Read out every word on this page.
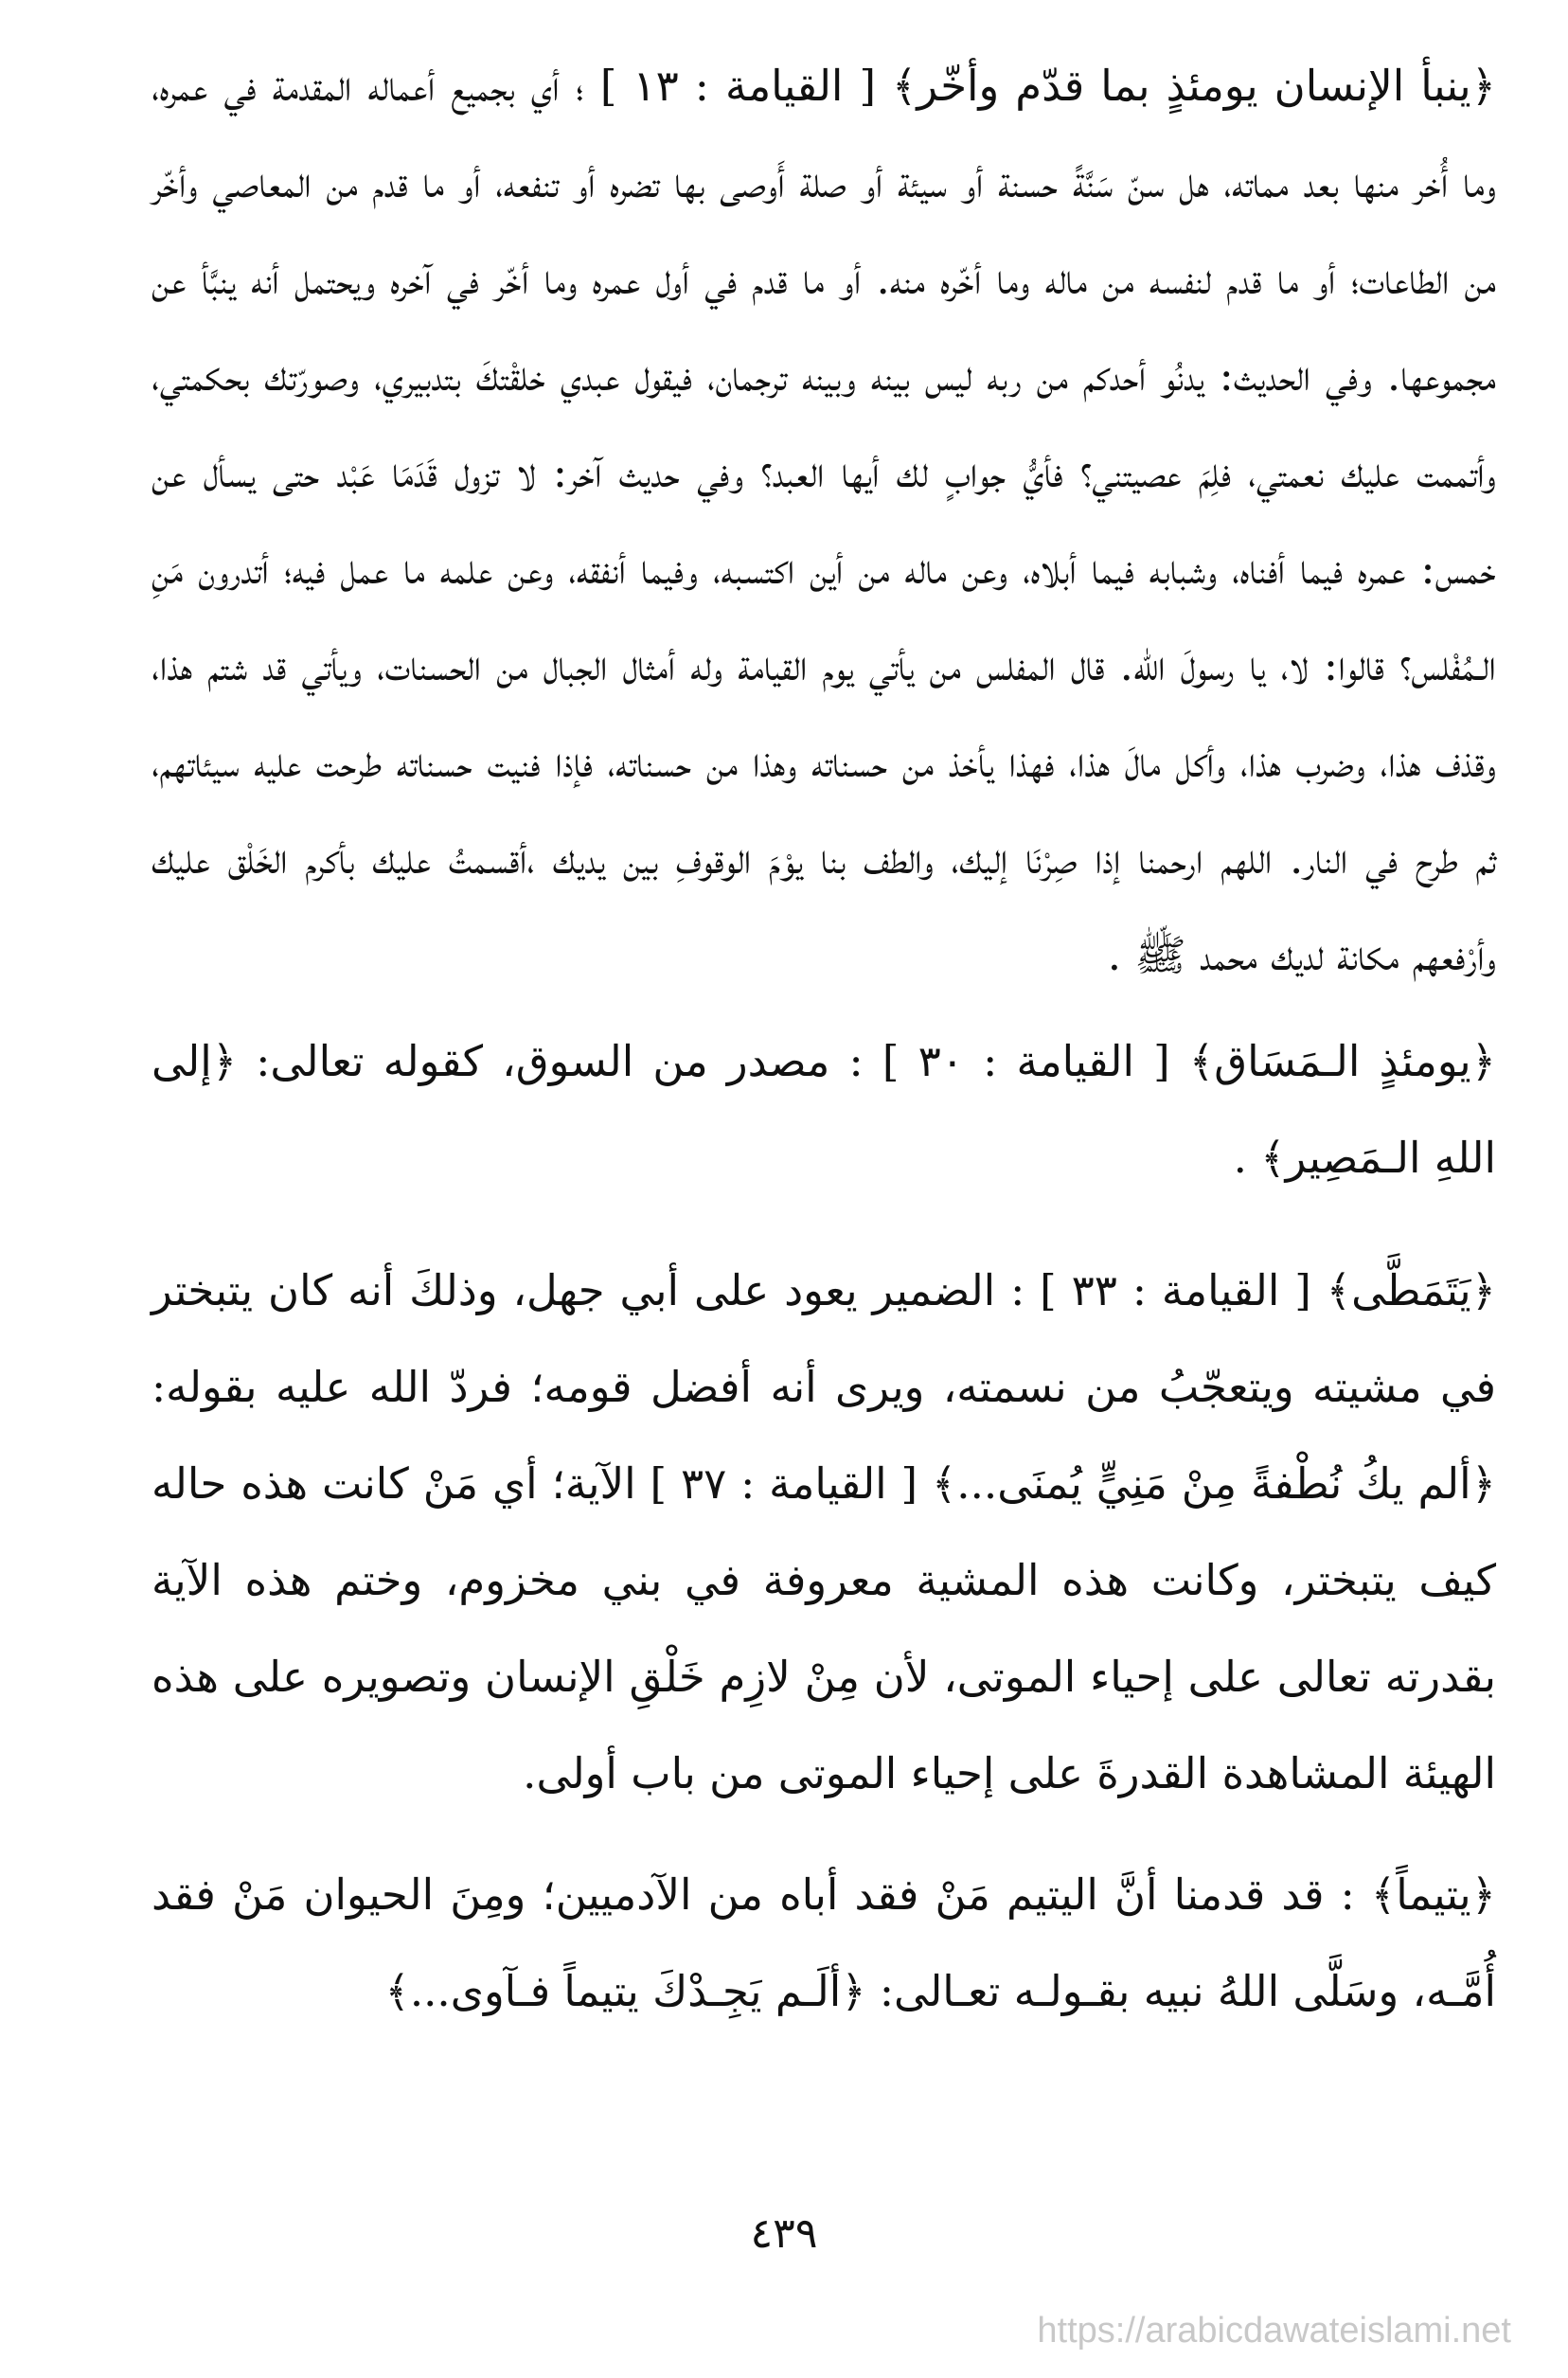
﴿ينبأ الإنسان يومئذٍ بما قدّم وأخّر﴾ [ القيامة : ١٣ ] ؛ أي بجميع أعماله المقدمة في عمره، وما أُخر منها بعد مماته، هل سنّ سَنَّةً حسنة أو سيئة أو صلة أَوصى بها تضره أو تنفعه، أو ما قدم من المعاصي وأخّر من الطاعات؛ أو ما قدم لنفسه من ماله وما أخّره منه. أو ما قدم في أول عمره وما أخّر في آخره ويحتمل أنه ينبَّأ عن مجموعها. وفي الحديث: يدنُو أحدكم من ربه ليس بينه وبينه ترجمان، فيقول عبدي خلقْتكَ بتدبيري، وصورّتك بحكمتي، وأتممت عليك نعمتي، فلِمَ عصيتني؟ فأيُّ جوابٍ لك أيها العبد؟ وفي حديث آخر: لا تزول قَدَمَا عَبْد حتى يسأل عن خمس: عمره فيما أفناه، وشبابه فيما أبلاه، وعن ماله من أين اكتسبه، وفيما أنفقه، وعن علمه ما عمل فيه؛ أتدرون مَنِ الـمُفْلس؟ قالوا: لا، يا رسولَ الله. قال المفلس من يأتي يوم القيامة وله أمثال الجبال من الحسنات، ويأتي قد شتم هذا، وقذف هذا، وضرب هذا، وأكل مالَ هذا، فهذا يأخذ من حسناته وهذا من حسناته، فإذا فنيت حسناته طرحت عليه سيئاتهم، ثم طرح في النار. اللهم ارحمنا إذا صِرْنَا إليك، والطف بنا يوْمَ الوقوفِ بين يديك ،أقسمتُ عليك بأكرم الخَلْق عليك وأرْفعهم مكانة لديك محمد ﷺ .

﴿يومئذٍ الـمَسَاق﴾ [ القيامة : ٣٠ ] : مصدر من السوق، كقوله تعالى: ﴿إلى اللهِ الـمَصِير﴾ .

﴿يَتَمَطَّى﴾ [ القيامة : ٣٣ ] : الضمير يعود على أبي جهل، وذلكَ أنه كان يتبختر في مشيته ويتعجّبُ من نسمته، ويرى أنه أفضل قومه؛ فردّ الله عليه بقوله: ﴿ألم يكُ نُطْفةً مِنْ مَنِيٍّ يُمنَى...﴾ [ القيامة : ٣٧ ] الآية؛ أي مَنْ كانت هذه حاله كيف يتبختر، وكانت هذه المشية معروفة في بني مخزوم، وختم هذه الآية بقدرته تعالى على إحياء الموتى، لأن مِنْ لازِم خَلْقِ الإنسان وتصويره على هذه الهيئة المشاهدة القدرةَ على إحياء الموتى من باب أولى.

﴿يتيماً﴾ : قد قدمنا أنَّ اليتيم مَنْ فقد أباه من الآدميين؛ ومِنَ الحيوان مَنْ فقد أُمَّـه، وسَلَّى اللهُ نبيه بقـولـه تعـالى: ﴿ألَـم يَجِـدْكَ يتيماً فـآوى...﴾

٤٣٩
https://arabicdawateislami.net
